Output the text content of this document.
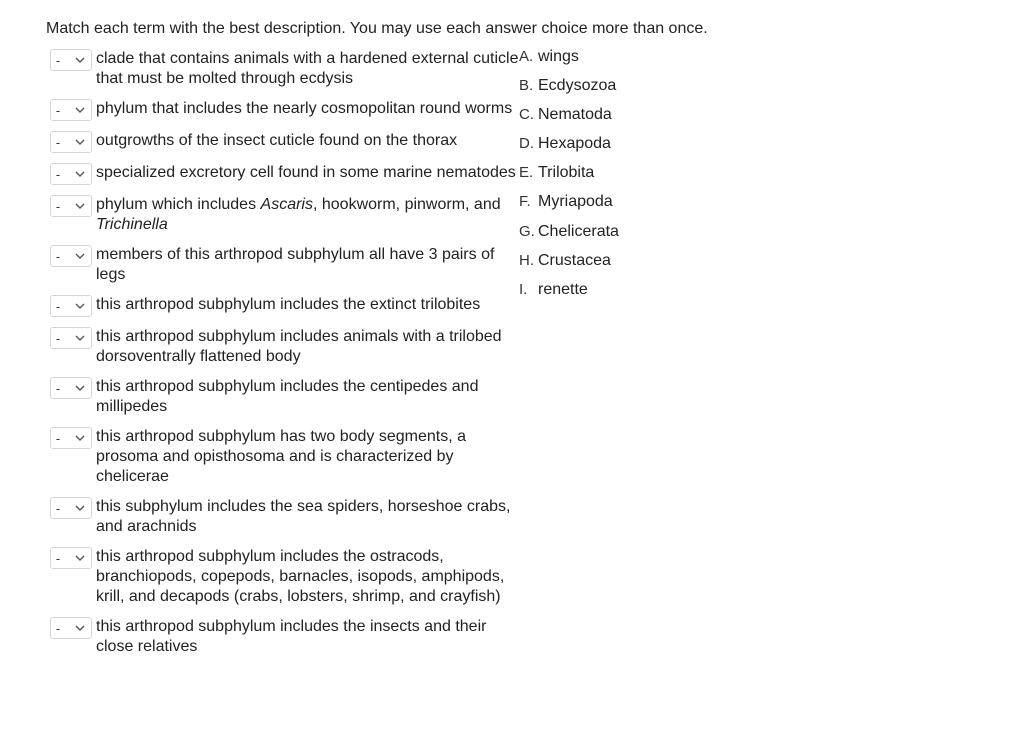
Match each term with the best description. You may use each answer choice more than once.
- clade that contains animals with a hardened external cuticle that must be molted through ecdysis
- phylum that includes the nearly cosmopolitan round worms
- outgrowths of the insect cuticle found on the thorax
- specialized excretory cell found in some marine nematodes
- phylum which includes Ascaris, hookworm, pinworm, and Trichinella
- members of this arthropod subphylum all have 3 pairs of legs
- this arthropod subphylum includes the extinct trilobites
- this arthropod subphylum includes animals with a trilobed dorsoventrally flattened body
- this arthropod subphylum includes the centipedes and millipedes
- this arthropod subphylum has two body segments, a prosoma and opisthosoma and is characterized by chelicerae
- this subphylum includes the sea spiders, horseshoe crabs, and arachnids
- this arthropod subphylum includes the ostracods, branchiopods, copepods, barnacles, isopods, amphipods, krill, and decapods (crabs, lobsters, shrimp, and crayfish)
- this arthropod subphylum includes the insects and their close relatives
A. wings
B. Ecdysozoa
C. Nematoda
D. Hexapoda
E. Trilobita
F. Myriapoda
G. Chelicerata
H. Crustacea
I. renette
